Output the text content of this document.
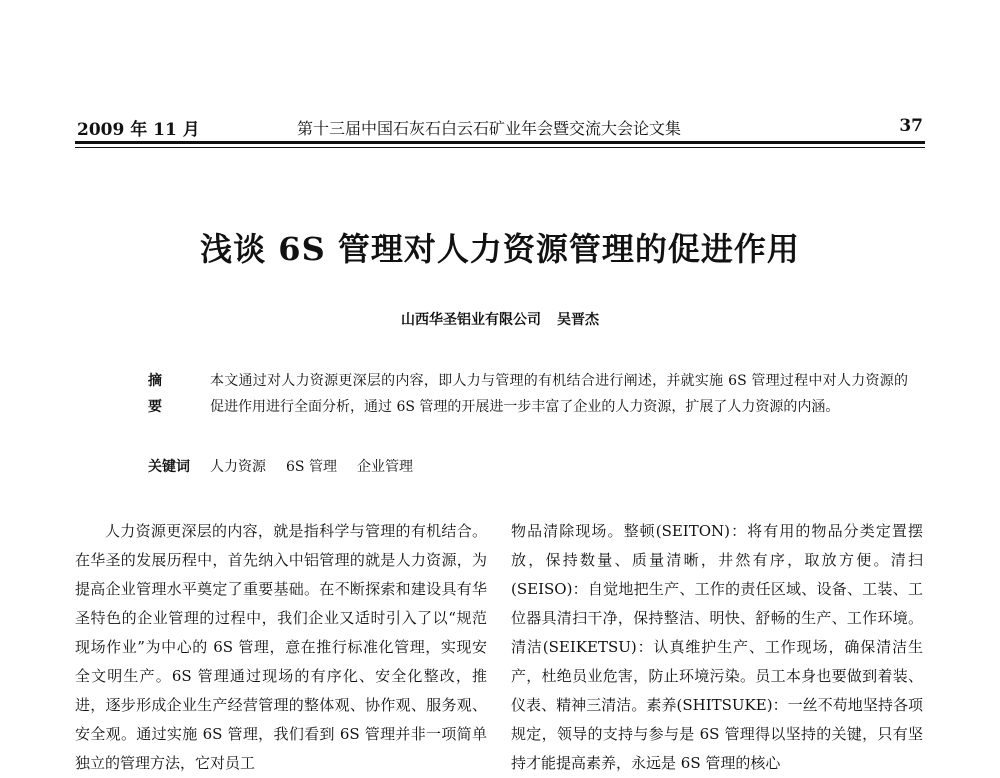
2009 年 11 月	第十三届中国石灰石白云石矿业年会暨交流大会论文集	37
浅谈 6S 管理对人力资源管理的促进作用
山西华圣铝业有限公司 吴晋杰
摘 要
本文通过对人力资源更深层的内容，即人力与管理的有机结合进行阐述，并就实施 6S 管理过程中对人力资源的促进作用进行全面分析，通过 6S 管理的开展进一步丰富了企业的人力资源，扩展了人力资源的内涵。
关键词 人力资源 6S 管理 企业管理

人力资源更深层的内容，就是指科学与管理的有机结合。在华圣的发展历程中，首先纳入中铝管理的就是人力资源，为提高企业管理水平奠定了重要基础。在不断探索和建设具有华圣特色的企业管理的过程中，我们企业又适时引入了以“规范现场作业”为中心的 6S 管理，意在推行标准化管理，实现安全文明生产。6S 管理通过现场的有序化、安全化整改，推进，逐步形成企业生产经营管理的整体观、协作观、服务观、安全观。通过实施 6S 管理，我们看到 6S 管理并非一项简单独立的管理方法，它对员工

物品清除现场。整顿(SEITON)：将有用的物品分类定置摆放，保持数量、质量清晰，井然有序，取放方便。清扫(SEISO)：自觉地把生产、工作的责任区域、设备、工装、工位器具清扫干净，保持整洁、明快、舒畅的生产、工作环境。清洁(SEIKETSU)：认真维护生产、工作现场，确保清洁生产，杜绝员业危害，防止环境污染。员工本身也要做到着装、仪表、精神三清洁。素养(SHITSUKE)：一丝不苟地坚持各项规定，领导的支持与参与是 6S 管理得以坚持的关键，只有坚持才能提高素养，永远是 6S 管理的核心
